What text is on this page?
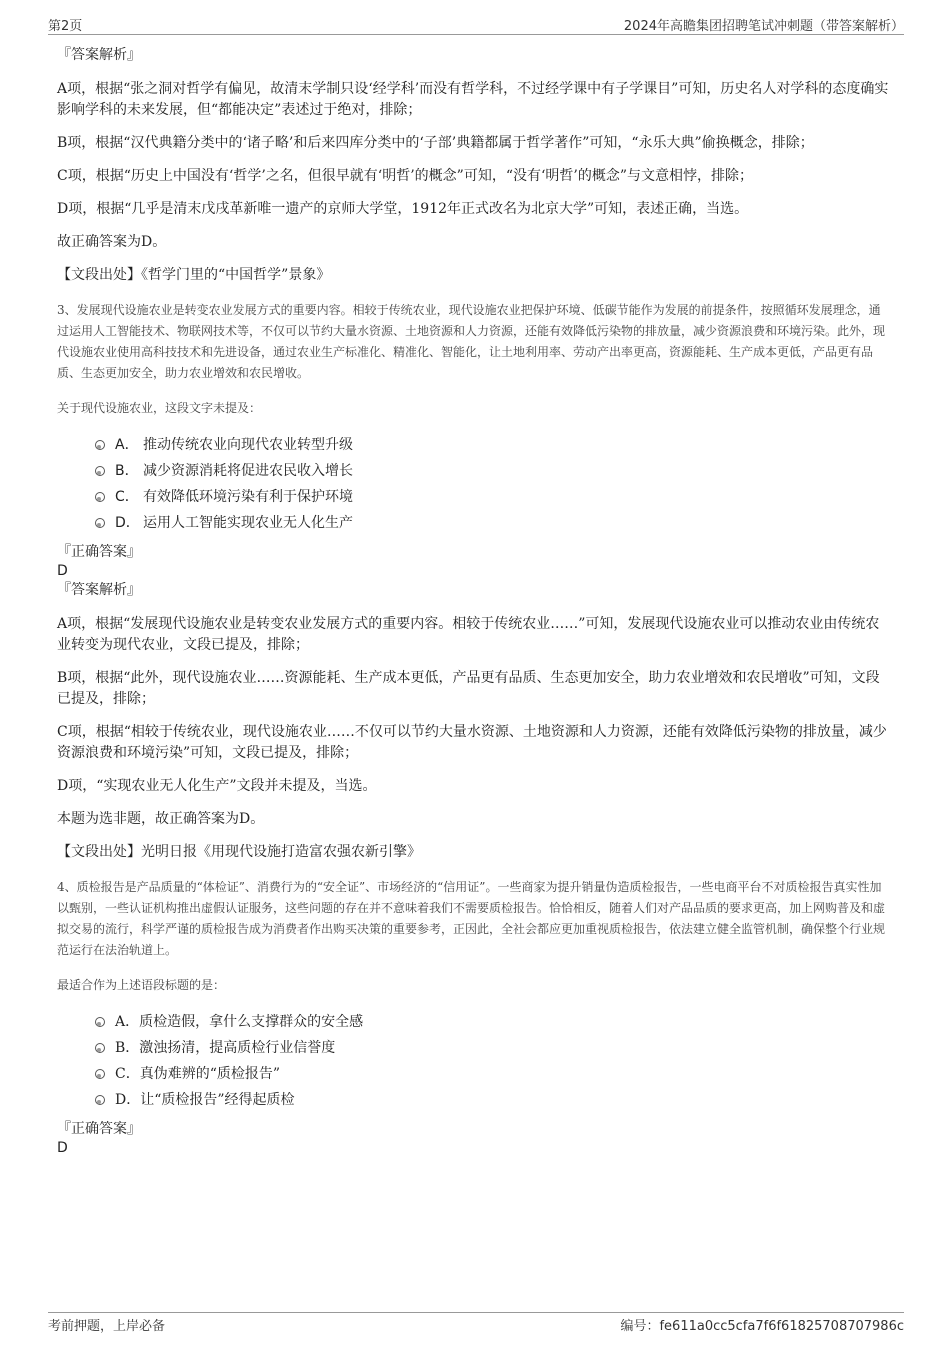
第2页	2024年高瞻集团招聘笔试冲刺题（带答案解析）

『答案解析』

A项，根据“张之洞对哲学有偏见，故清末学制只设‘经学科’而没有哲学科，不过经学课中有子学课目”可知，历史名人对学科的态度确实影响学科的未来发展，但“都能决定”表述过于绝对，排除；

B项，根据“汉代典籍分类中的‘诸子略’和后来四库分类中的‘子部’典籍都属于哲学著作”可知，“永乐大典”偷换概念，排除；

C项，根据“历史上中国没有‘哲学’之名，但很早就有‘明哲’的概念”可知，“没有‘明哲’的概念”与文意相悖，排除；

D项，根据“几乎是清末戊戌革新唯一遗产的京师大学堂，1912年正式改名为北京大学”可知，表述正确，当选。

故正确答案为D。

【文段出处】《哲学门里的“中国哲学”景象》

3、发展现代设施农业是转变农业发展方式的重要内容。相较于传统农业，现代设施农业把保护环境、低碳节能作为发展的前提条件，按照循环发展理念，通过运用人工智能技术、物联网技术等，不仅可以节约大量水资源、土地资源和人力资源，还能有效降低污染物的排放量，减少资源浪费和环境污染。此外，现代设施农业使用高科技技术和先进设备，通过农业生产标准化、精准化、智能化，让土地利用率、劳动产出率更高，资源能耗、生产成本更低，产品更有品质、生态更加安全，助力农业增效和农民增收。

关于现代设施农业，这段文字未提及：

A． 推动传统农业向现代农业转型升级
B． 减少资源消耗将促进农民收入增长
C． 有效降低环境污染有利于保护环境
D． 运用人工智能实现农业无人化生产

『正确答案』

D

『答案解析』

A项，根据“发展现代设施农业是转变农业发展方式的重要内容。相较于传统农业……”可知，发展现代设施农业可以推动农业由传统农业转变为现代农业，文段已提及，排除；

B项，根据“此外，现代设施农业……资源能耗、生产成本更低，产品更有品质、生态更加安全，助力农业增效和农民增收”可知，文段已提及，排除；

C项，根据“相较于传统农业，现代设施农业……不仅可以节约大量水资源、土地资源和人力资源，还能有效降低污染物的排放量，减少资源浪费和环境污染”可知，文段已提及，排除；

D项，“实现农业无人化生产”文段并未提及，当选。

本题为选非题，故正确答案为D。

【文段出处】光明日报《用现代设施打造富农强农新引擎》

4、质检报告是产品质量的“体检证”、消费行为的“安全证”、市场经济的“信用证”。一些商家为提升销量伪造质检报告，一些电商平台不对质检报告真实性加以甄别，一些认证机构推出虚假认证服务，这些问题的存在并不意味着我们不需要质检报告。恰恰相反，随着人们对产品品质的要求更高，加上网购普及和虚拟交易的流行，科学严谨的质检报告成为消费者作出购买决策的重要参考，正因此，全社会都应更加重视质检报告，依法建立健全监管机制，确保整个行业规范运行在法治轨道上。

最适合作为上述语段标题的是：

A．质检造假，拿什么支撑群众的安全感
B．激浊扬清，提高质检行业信誉度
C．真伪难辨的“质检报告”
D．让“质检报告”经得起质检

『正确答案』

D

考前押题，上岸必备	编号：fe611a0cc5cfa7f6f61825708707986c
